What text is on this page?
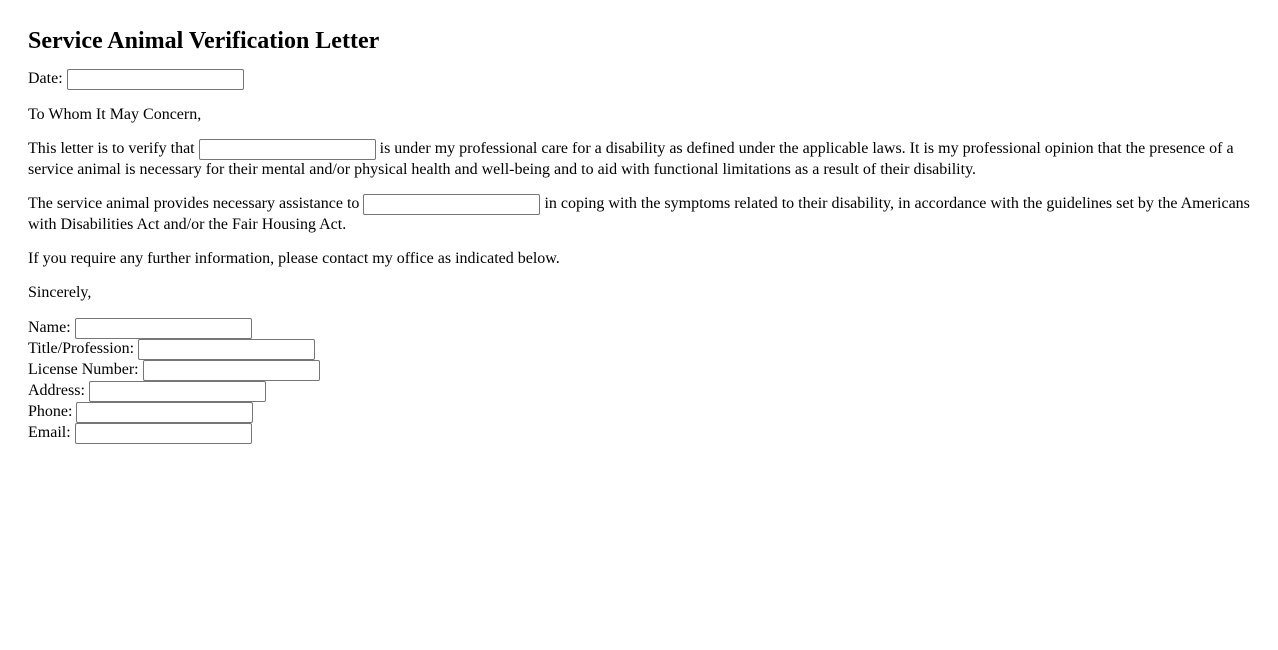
Service Animal Verification Letter

Date:

To Whom It May Concern,

This letter is to verify that	is under my professional care for a disability as defined under the applicable laws. It is my professional opinion that the presence of a service animal is necessary for their mental and/or physical health and well-being and to aid with functional limitations as a result of their disability.

The service animal provides necessary assistance to	in coping with the symptoms related to their disability, in accordance with the guidelines set by the Americans with Disabilities Act and/or the Fair Housing Act.

If you require any further information, please contact my office as indicated below.

Sincerely,

Name:
Title/Profession:
License Number:
Address:
Phone:
Email:
